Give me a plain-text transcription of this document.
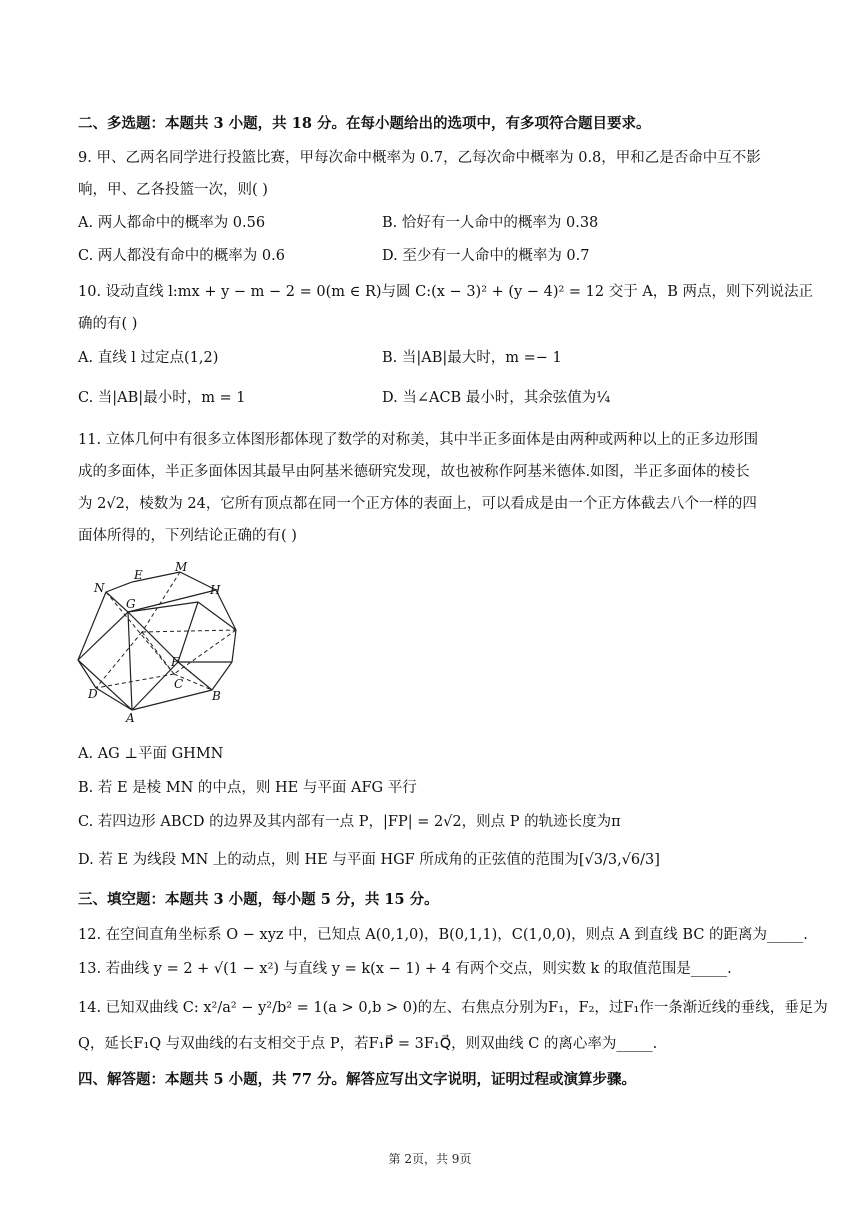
二、多选题：本题共 3 小题，共 18 分。在每小题给出的选项中，有多项符合题目要求。
9. 甲、乙两名同学进行投篮比赛，甲每次命中概率为 0.7，乙每次命中概率为 0.8，甲和乙是否命中互不影
响，甲、乙各投篮一次，则( )
A. 两人都命中的概率为 0.56	B. 恰好有一人命中的概率为 0.38
C. 两人都没有命中的概率为 0.6	D. 至少有一人命中的概率为 0.7
10. 设动直线 l:mx + y − m − 2 = 0(m ∈ R)与圆 C:(x − 3)² + (y − 4)² = 12 交于 A，B 两点，则下列说法正
确的有( )
A. 直线 l 过定点(1,2)	B. 当|AB|最大时，m =− 1
C. 当|AB|最小时，m = 1	D. 当∠ACB 最小时，其余弦值为¼
11. 立体几何中有很多立体图形都体现了数学的对称美，其中半正多面体是由两种或两种以上的正多边形围
成的多面体，半正多面体因其最早由阿基米德研究发现，故也被称作阿基米德体.如图，半正多面体的棱长
为 2√2，棱数为 24，它所有顶点都在同一个正方体的表面上，可以看成是由一个正方体截去八个一样的四
面体所得的，下列结论正确的有( )
N
E
M
H
G
F
C
D
A
B
A. AG ⊥平面 GHMN
B. 若 E 是棱 MN 的中点，则 HE 与平面 AFG 平行
C. 若四边形 ABCD 的边界及其内部有一点 P，|FP| = 2√2，则点 P 的轨迹长度为π
D. 若 E 为线段 MN 上的动点，则 HE 与平面 HGF 所成角的正弦值的范围为[√3/3,√6/3]
三、填空题：本题共 3 小题，每小题 5 分，共 15 分。
12. 在空间直角坐标系 O − xyz 中，已知点 A(0,1,0)，B(0,1,1)，C(1,0,0)，则点 A 到直线 BC 的距离为_____.
13. 若曲线 y = 2 + √(1 − x²) 与直线 y = k(x − 1) + 4 有两个交点，则实数 k 的取值范围是_____.
14. 已知双曲线 C: x²/a² − y²/b² = 1(a > 0,b > 0)的左、右焦点分别为F₁，F₂，过F₁作一条渐近线的垂线，垂足为
Q，延长F₁Q 与双曲线的右支相交于点 P，若F₁P⃗ = 3F₁Q⃗，则双曲线 C 的离心率为_____.
四、解答题：本题共 5 小题，共 77 分。解答应写出文字说明，证明过程或演算步骤。
第 2页，共 9页
